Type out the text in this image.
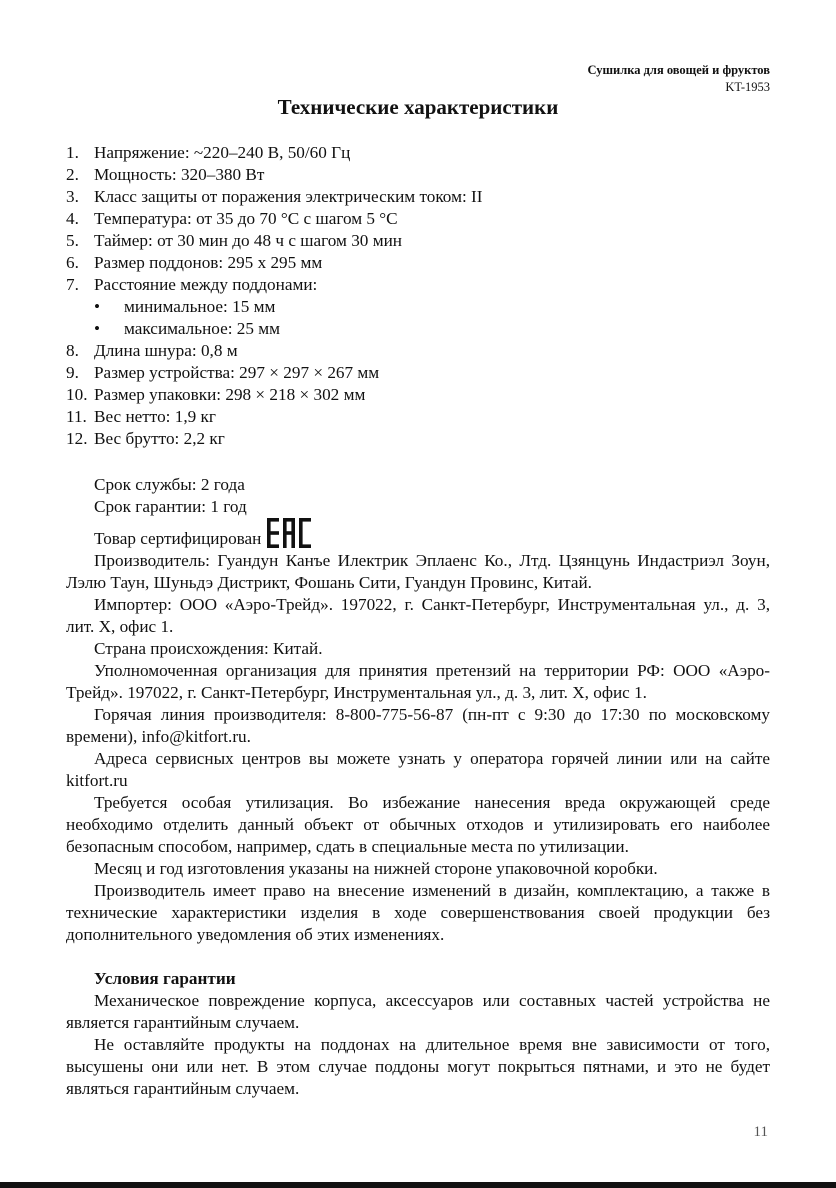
Сушилка для овощей и фруктов
KT-1953
Технические характеристики
1. Напряжение: ~220–240 В, 50/60 Гц
2. Мощность: 320–380 Вт
3. Класс защиты от поражения электрическим током: II
4. Температура: от 35 до 70 °C с шагом 5 °C
5. Таймер: от 30 мин до 48 ч с шагом 30 мин
6. Размер поддонов: 295 х 295 мм
7. Расстояние между поддонами:
•	минимальное: 15 мм
•	максимальное: 25 мм
8. Длина шнура: 0,8 м
9. Размер устройства: 297 × 297 × 267 мм
10. Размер упаковки: 298 × 218 × 302 мм
11. Вес нетто: 1,9 кг
12. Вес брутто: 2,2 кг
Срок службы: 2 года
Срок гарантии: 1 год
Товар сертифицирован

Производитель: Гуандун Канъе Илектрик Эплаенс Ко., Лтд. Цзянцунь Индастриэл Зоун, Лэлю Таун, Шуньдэ Дистрикт, Фошань Сити, Гуандун Провинс, Китай.

Импортер: ООО «Аэро-Трейд». 197022, г. Санкт-Петербург, Инструментальная ул., д. 3, лит. Х, офис 1.

Страна происхождения: Китай.

Уполномоченная организация для принятия претензий на территории РФ: ООО «Аэро-Трейд». 197022, г. Санкт-Петербург, Инструментальная ул., д. 3, лит. Х, офис 1.

Горячая линия производителя: 8-800-775-56-87 (пн-пт с 9:30 до 17:30 по московскому времени), info@kitfort.ru.

Адреса сервисных центров вы можете узнать у оператора горячей линии или на сайте kitfort.ru

Требуется особая утилизация. Во избежание нанесения вреда окружающей среде необходимо отделить данный объект от обычных отходов и утилизировать его наиболее безопасным способом, например, сдать в специальные места по утилизации.

Месяц и год изготовления указаны на нижней стороне упаковочной коробки.

Производитель имеет право на внесение изменений в дизайн, комплектацию, а также в технические характеристики изделия в ходе совершенствования своей продукции без дополнительного уведомления об этих изменениях.

Условия гарантии

Механическое повреждение корпуса, аксессуаров или составных частей устройства не является гарантийным случаем.

Не оставляйте продукты на поддонах на длительное время вне зависимости от того, высушены они или нет. В этом случае поддоны могут покрыться пятнами, и это не будет являться гарантийным случаем.

11
